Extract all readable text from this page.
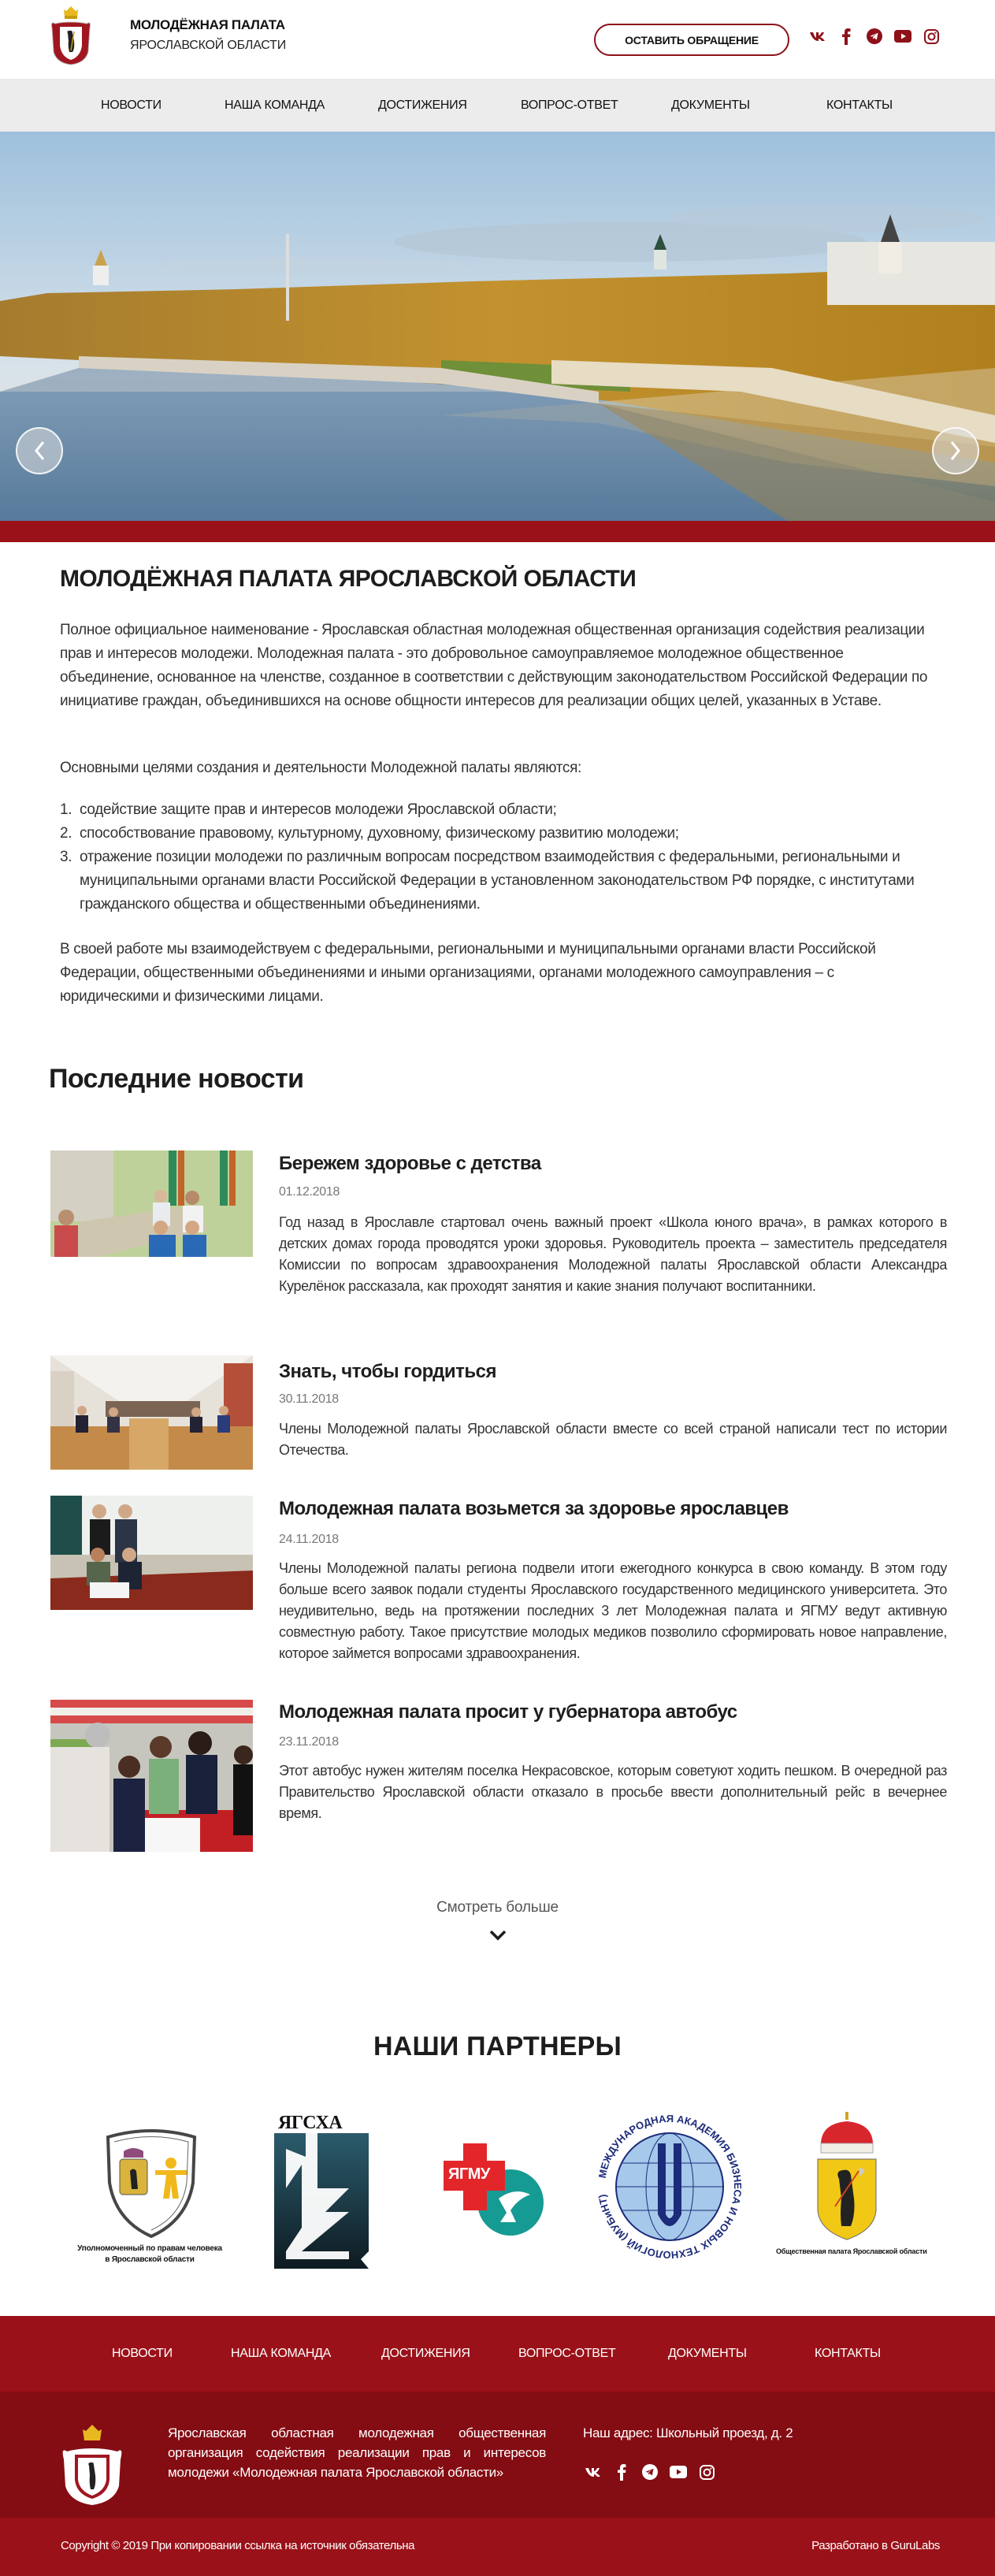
МОЛОДЁЖНАЯ ПАЛАТА
ЯРОСЛАВСКОЙ ОБЛАСТИ	ОСТАВИТЬ ОБРАЩЕНИЕ
НОВОСТИ	НАША КОМАНДА	ДОСТИЖЕНИЯ	ВОПРОС-ОТВЕТ	ДОКУМЕНТЫ	КОНТАКТЫ
МОЛОДЁЖНАЯ ПАЛАТА ЯРОСЛАВСКОЙ ОБЛАСТИ

Полное официальное наименование - Ярославская областная молодежная общественная организация содействия реализации прав и интересов молодежи. Молодежная палата - это добровольное самоуправляемое молодежное общественное объединение, основанное на членстве, созданное в соответствии с действующим законодательством Российской Федерации по инициативе граждан, объединившихся на основе общности интересов для реализации общих целей, указанных в Уставе.

Основными целями создания и деятельности Молодежной палаты являются:

1. содействие защите прав и интересов молодежи Ярославской области;
2. способствование правовому, культурному, духовному, физическому развитию молодежи;
3. отражение позиции молодежи по различным вопросам посредством взаимодействия с федеральными, региональными и муниципальными органами власти Российской Федерации в установленном законодательством РФ порядке, с институтами гражданского общества и общественными объединениями.

В своей работе мы взаимодействуем с федеральными, региональными и муниципальными органами власти Российской Федерации, общественными объединениями и иными организациями, органами молодежного самоуправления – с юридическими и физическими лицами.

Последние новости
Бережем здоровье с детства
01.12.2018
Год назад в Ярославле стартовал очень важный проект «Школа юного врача», в рамках которого в детских домах города проводятся уроки здоровья. Руководитель проекта – заместитель председателя Комиссии по вопросам здравоохранения Молодежной палаты Ярославской области Александра Курелёнок рассказала, как проходят занятия и какие знания получают воспитанники.
Знать, чтобы гордиться
30.11.2018
Члены Молодежной палаты Ярославской области вместе со всей страной написали тест по истории Отечества.
Молодежная палата возьмется за здоровье ярославцев
24.11.2018
Члены Молодежной палаты региона подвели итоги ежегодного конкурса в свою команду. В этом году больше всего заявок подали студенты Ярославского государственного медицинского университета. Это неудивительно, ведь на протяжении последних 3 лет Молодежная палата и ЯГМУ ведут активную совместную работу. Такое присутствие молодых медиков позволило сформировать новое направление, которое займется вопросами здравоохранения.
Молодежная палата просит у губернатора автобус
23.11.2018
Этот автобус нужен жителям поселка Некрасовское, которым советуют ходить пешком. В очередной раз Правительство Ярославской области отказало в просьбе ввести дополнительный рейс в вечернее время.
Смотреть больше
НАШИ ПАРТНЕРЫ
Уполномоченный по правам человека
в Ярославской области
ЯГСХА
ЯГМУ	МЕЖДУНАРОДНАЯ АКАДЕМИЯ БИЗНЕСА И НОВЫХ ТЕХНОЛОГИЙ (МУБиНТ)
Общественная палата Ярославской области
НОВОСТИ	НАША КОМАНДА	ДОСТИЖЕНИЯ	ВОПРОС-ОТВЕТ	ДОКУМЕНТЫ	КОНТАКТЫ
Ярославская областная молодежная общественная организация содействия реализации прав и интересов молодежи «Молодежная палата Ярославской области»
Наш адрес: Школьный проезд, д. 2
Copyright © 2019 При копировании ссылка на источник обязательна	Разработано в GuruLabs
